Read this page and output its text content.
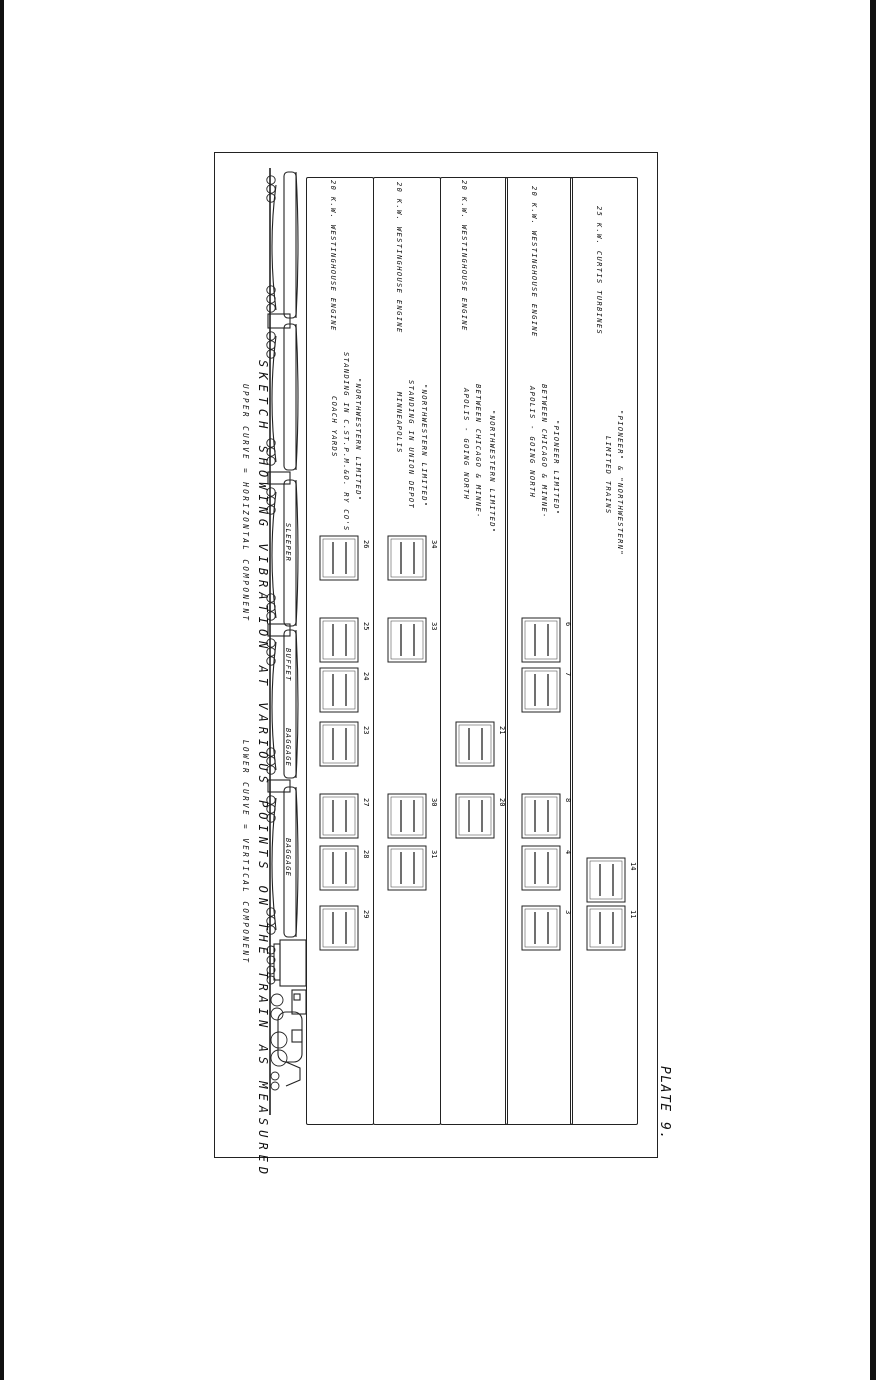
25 K.W. CURTIS TURBINES
20 K.W. WESTINGHOUSE ENGINE
20 K.W. WESTINGHOUSE ENGINE
20 K.W. WESTINGHOUSE ENGINE
20 K.W. WESTINGHOUSE ENGINE
"PIONEER" & "NORTHWESTERN"
LIMITED TRAINS
"PIONEER LIMITED"
BETWEEN CHICAGO & MINNE-
APOLIS - GOING NORTH
"NORTHWESTERN LIMITED"
BETWEEN CHICAGO & MINNE-
APOLIS - GOING NORTH
"NORTHWESTERN LIMITED"
STANDING IN UNION DEPOT
MINNEAPOLIS
"NORTHWESTERN LIMITED"
STANDING IN C.ST.P.M.&O. RY CO'S
COACH YARDS
SKETCH SHOWING VIBRATION AT VARIOUS POINTS ON THE TRAIN AS MEASURED
UPPER CURVE = HORIZONTAL COMPONENT
LOWER CURVE = VERTICAL COMPONENT
PLATE 9.
SLEEPER
BUFFET
BAGGAGE
BAGGAGE	14
11
6
7
8
4
3
21
20
34
33
30
31
26
25
24
23
27
28
29
